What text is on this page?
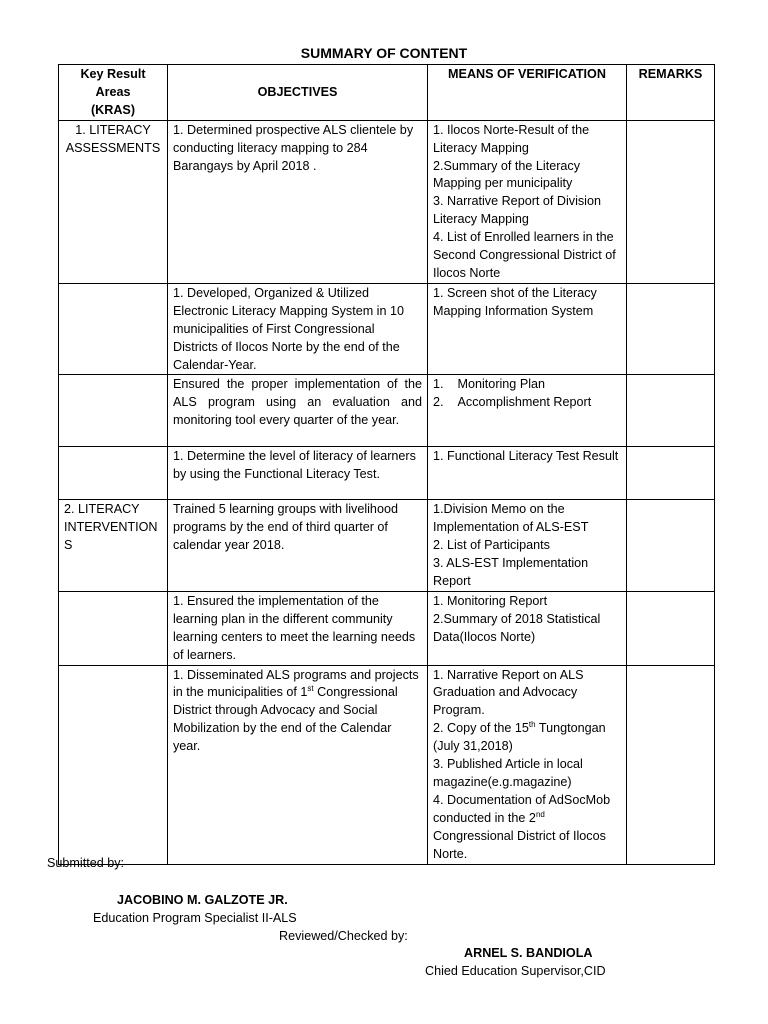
SUMMARY OF CONTENT
Key Result
Areas
(KRAS)	OBJECTIVES	MEANS OF VERIFICATION	REMARKS
1. LITERACY ASSESSMENTS	1. Determined prospective ALS clientele by conducting literacy mapping to 284 Barangays by April 2018 .	1. Ilocos Norte-Result of the Literacy Mapping
2.Summary of the Literacy Mapping per municipality
3. Narrative Report of Division Literacy Mapping
4. List of Enrolled learners in the Second Congressional District of Ilocos Norte	

	1. Developed, Organized & Utilized Electronic Literacy Mapping System in 10 municipalities of First Congressional Districts of Ilocos Norte by the end of the Calendar-Year.	1. Screen shot of the Literacy Mapping Information System	

	Ensured the proper implementation of the ALS program using an evaluation and monitoring tool every quarter of the year.	1. Monitoring Plan
2. Accomplishment Report	

	1. Determine the level of literacy of learners by using the Functional Literacy Test.	1. Functional Literacy Test Result	

2. LITERACY INTERVENTION S	Trained 5 learning groups with livelihood programs by the end of third quarter of calendar year 2018.	1.Division Memo on the Implementation of ALS-EST
2. List of Participants
3. ALS-EST Implementation Report	

	1. Ensured the implementation of the learning plan in the different community learning centers to meet the learning needs of learners.	1. Monitoring Report
2.Summary of 2018 Statistical Data(Ilocos Norte)	

	1. Disseminated ALS programs and projects in the municipalities of 1st Congressional District through Advocacy and Social Mobilization by the end of the Calendar year.	1. Narrative Report on ALS Graduation and Advocacy Program.
2. Copy of the 15th Tungtongan (July 31,2018)
3. Published Article in local magazine(e.g.magazine)
4. Documentation of AdSocMob conducted in the 2nd Congressional District of Ilocos Norte.	

Submitted by:
JACOBINO M. GALZOTE JR.
Education Program Specialist II-ALS
Reviewed/Checked by:
ARNEL S. BANDIOLA
Chied Education Supervisor,CID
